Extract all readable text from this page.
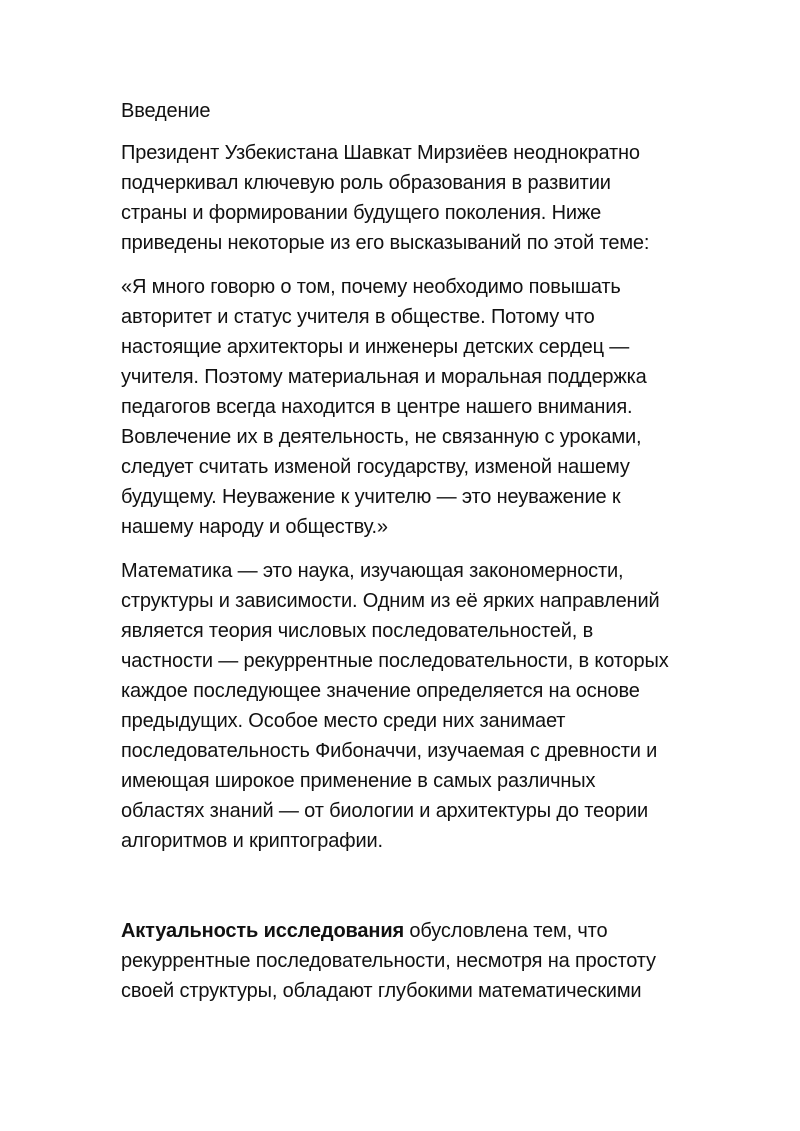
Введение

Президент Узбекистана Шавкат Мирзиёев неоднократно подчеркивал ключевую роль образования в развитии страны и формировании будущего поколения. Ниже приведены некоторые из его высказываний по этой теме:

«Я много говорю о том, почему необходимо повышать авторитет и статус учителя в обществе. Потому что настоящие архитекторы и инженеры детских сердец — учителя. Поэтому материальная и моральная поддержка педагогов всегда находится в центре нашего внимания. Вовлечение их в деятельность, не связанную с уроками, следует считать изменой государству, изменой нашему будущему. Неуважение к учителю — это неуважение к нашему народу и обществу.»

Математика — это наука, изучающая закономерности, структуры и зависимости. Одним из её ярких направлений является теория числовых последовательностей, в частности — рекуррентные последовательности, в которых каждое последующее значение определяется на основе предыдущих. Особое место среди них занимает последовательность Фибоначчи, изучаемая с древности и имеющая широкое применение в самых различных областях знаний — от биологии и архитектуры до теории алгоритмов и криптографии.

Актуальность исследования обусловлена тем, что рекуррентные последовательности, несмотря на простоту своей структуры, обладают глубокими математическими
